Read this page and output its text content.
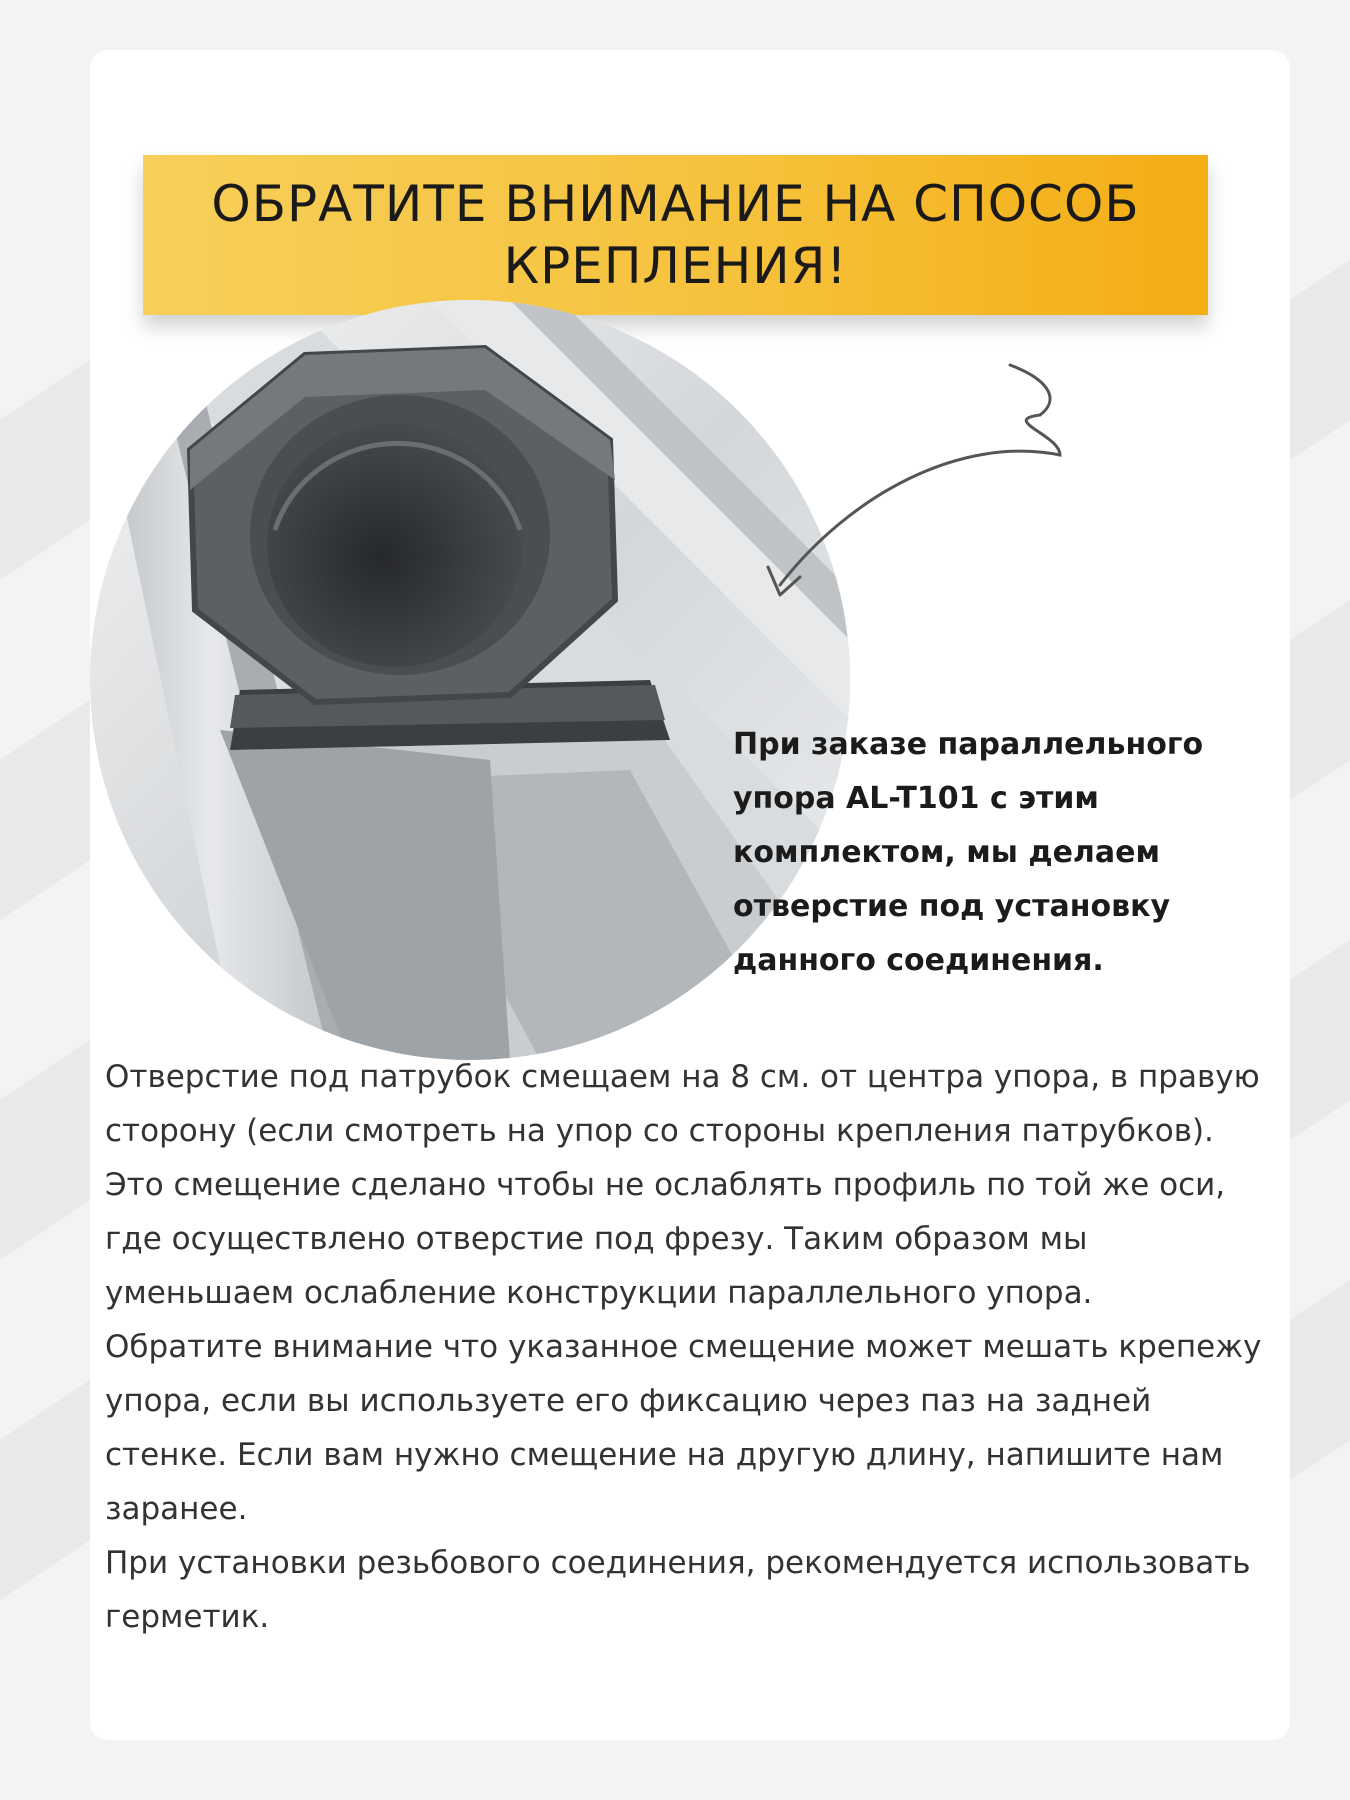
ОБРАТИТЕ ВНИМАНИЕ НА СПОСОБ КРЕПЛЕНИЯ!
При заказе параллельного упора AL-T101 с этим комплектом, мы делаем отверстие под установку данного соединения.

Отверстие под патрубок смещаем на 8 см. от центра упора, в правую сторону (если смотреть на упор со стороны крепления патрубков). Это смещение сделано чтобы не ослаблять профиль по той же оси, где осуществлено отверстие под фрезу. Таким образом мы уменьшаем ослабление конструкции параллельного упора.

Обратите внимание что указанное смещение может мешать крепежу упора, если вы используете его фиксацию через паз на задней стенке. Если вам нужно смещение на другую длину, напишите нам заранее.

При установки резьбового соединения, рекомендуется использовать герметик.
